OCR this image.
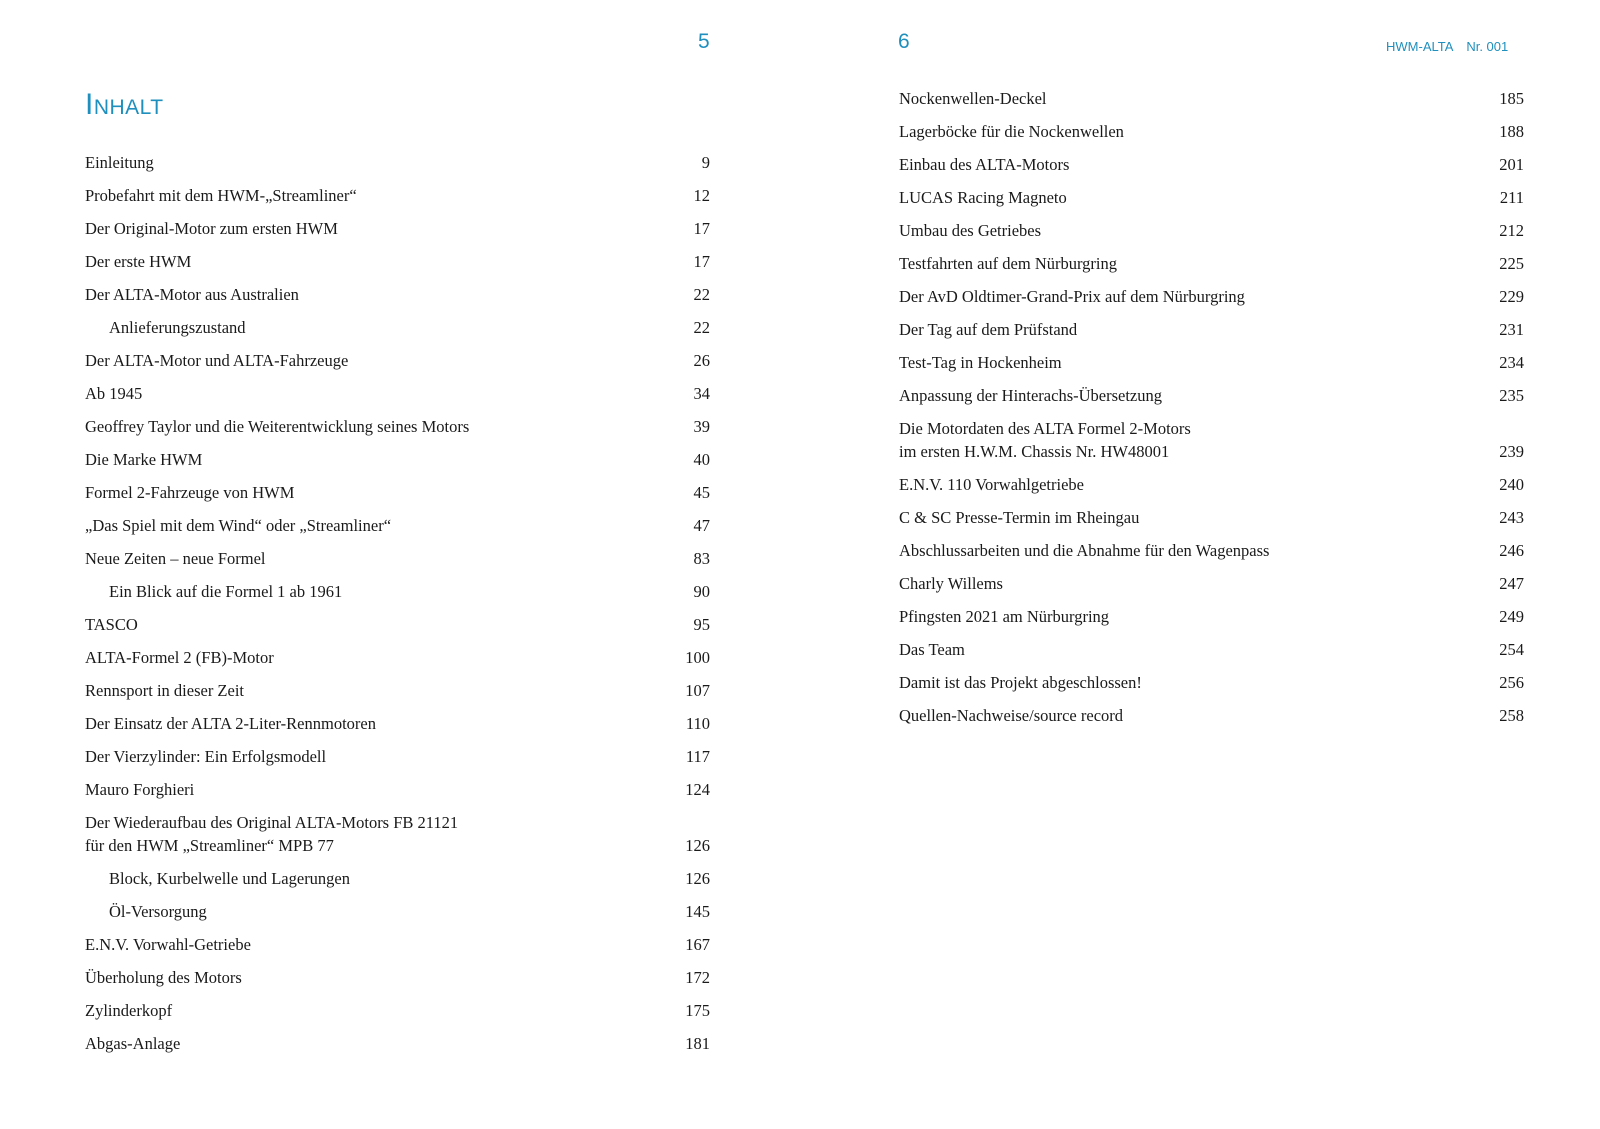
5
Inhalt
Einleitung	9
Probefahrt mit dem HWM-„Streamliner“	12
Der Original-Motor zum ersten HWM	17
Der erste HWM	17
Der ALTA-Motor aus Australien	22
Anlieferungszustand	22
Der ALTA-Motor und ALTA-Fahrzeuge	26
Ab 1945	34
Geoffrey Taylor und die Weiterentwicklung seines Motors	39
Die Marke HWM	40
Formel 2-Fahrzeuge von HWM	45
„Das Spiel mit dem Wind“ oder „Streamliner“	47
Neue Zeiten – neue Formel	83
Ein Blick auf die Formel 1 ab 1961	90
TASCO	95
ALTA-Formel 2 (FB)-Motor	100
Rennsport in dieser Zeit	107
Der Einsatz der ALTA 2-Liter-Rennmotoren	110
Der Vierzylinder: Ein Erfolgsmodell	117
Mauro Forghieri	124
Der Wiederaufbau des Original ALTA-Motors FB 21121
für den HWM „Streamliner“ MPB 77	126
Block, Kurbelwelle und Lagerungen	126
Öl-Versorgung	145
E.N.V. Vorwahl-Getriebe	167
Überholung des Motors	172
Zylinderkopf	175
Abgas-Anlage	181
6	HWM-ALTA Nr. 001
Nockenwellen-Deckel	185
Lagerböcke für die Nockenwellen	188
Einbau des ALTA-Motors	201
LUCAS Racing Magneto	211
Umbau des Getriebes	212
Testfahrten auf dem Nürburgring	225
Der AvD Oldtimer-Grand-Prix auf dem Nürburgring	229
Der Tag auf dem Prüfstand	231
Test-Tag in Hockenheim	234
Anpassung der Hinterachs-Übersetzung	235
Die Motordaten des ALTA Formel 2-Motors
im ersten H.W.M. Chassis Nr. HW48001	239
E.N.V. 110 Vorwahlgetriebe	240
C & SC Presse-Termin im Rheingau	243
Abschlussarbeiten und die Abnahme für den Wagenpass	246
Charly Willems	247
Pfingsten 2021 am Nürburgring	249
Das Team	254
Damit ist das Projekt abgeschlossen!	256
Quellen-Nachweise/source record	258
